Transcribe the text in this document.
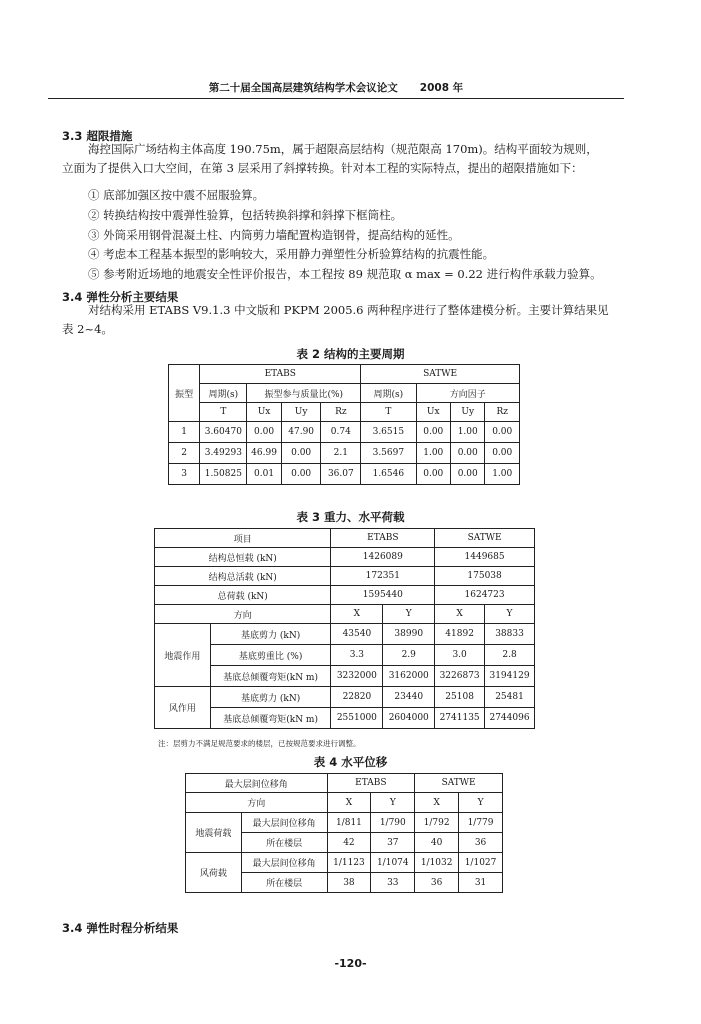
第二十届全国高层建筑结构学术会议论文 2008 年
3.3 超限措施
海控国际广场结构主体高度 190.75m，属于超限高层结构（规范限高 170m)。结构平面较为规则，
立面为了提供入口大空间，在第 3 层采用了斜撑转换。针对本工程的实际特点，提出的超限措施如下：
① 底部加强区按中震不屈服验算。
② 转换结构按中震弹性验算，包括转换斜撑和斜撑下框筒柱。
③ 外筒采用钢骨混凝土柱、内筒剪力墙配置构造钢骨，提高结构的延性。
④ 考虑本工程基本振型的影响较大，采用静力弹塑性分析验算结构的抗震性能。
⑤ 参考附近场地的地震安全性评价报告，本工程按 89 规范取 α max = 0.22 进行构件承载力验算。
3.4 弹性分析主要结果
对结构采用 ETABS V9.1.3 中文版和 PKPM 2005.6 两种程序进行了整体建模分析。主要计算结果见
表 2~4。
表 2 结构的主要周期
振型	ETABS				SATWE			
	周期(s)	振型参与质量比(%)			周期(s)	方向因子		
	T	Ux	Uy	Rz	T	Ux	Uy	Rz
1	3.60470	0.00	47.90	0.74	3.6515	0.00	1.00	0.00
2	3.49293	46.99	0.00	2.1	3.5697	1.00	0.00	0.00
3	1.50825	0.01	0.00	36.07	1.6546	0.00	0.00	1.00
表 3 重力、水平荷载
项目		ETABS		SATWE	
结构总恒载 (kN)		1426089		1449685	
结构总活载 (kN)		172351		175038	
总荷载 (kN)		1595440		1624723	
方向		X	Y	X	Y
地震作用	基底剪力 (kN)	43540	38990	41892	38833
	基底剪重比 (%)	3.3	2.9	3.0	2.8
	基底总倾覆弯矩(kN m)	3232000	3162000	3226873	3194129
风作用	基底剪力 (kN)	22820	23440	25108	25481
	基底总倾覆弯矩(kN m)	2551000	2604000	2741135	2744096
注：层剪力不满足规范要求的楼层，已按规范要求进行调整。
表 4 水平位移
最大层间位移角		ETABS		SATWE	
方向		X	Y	X	Y
地震荷载	最大层间位移角	1/811	1/790	1/792	1/779
	所在楼层	42	37	40	36
风荷载	最大层间位移角	1/1123	1/1074	1/1032	1/1027
	所在楼层	38	33	36	31
3.4 弹性时程分析结果
-120-
